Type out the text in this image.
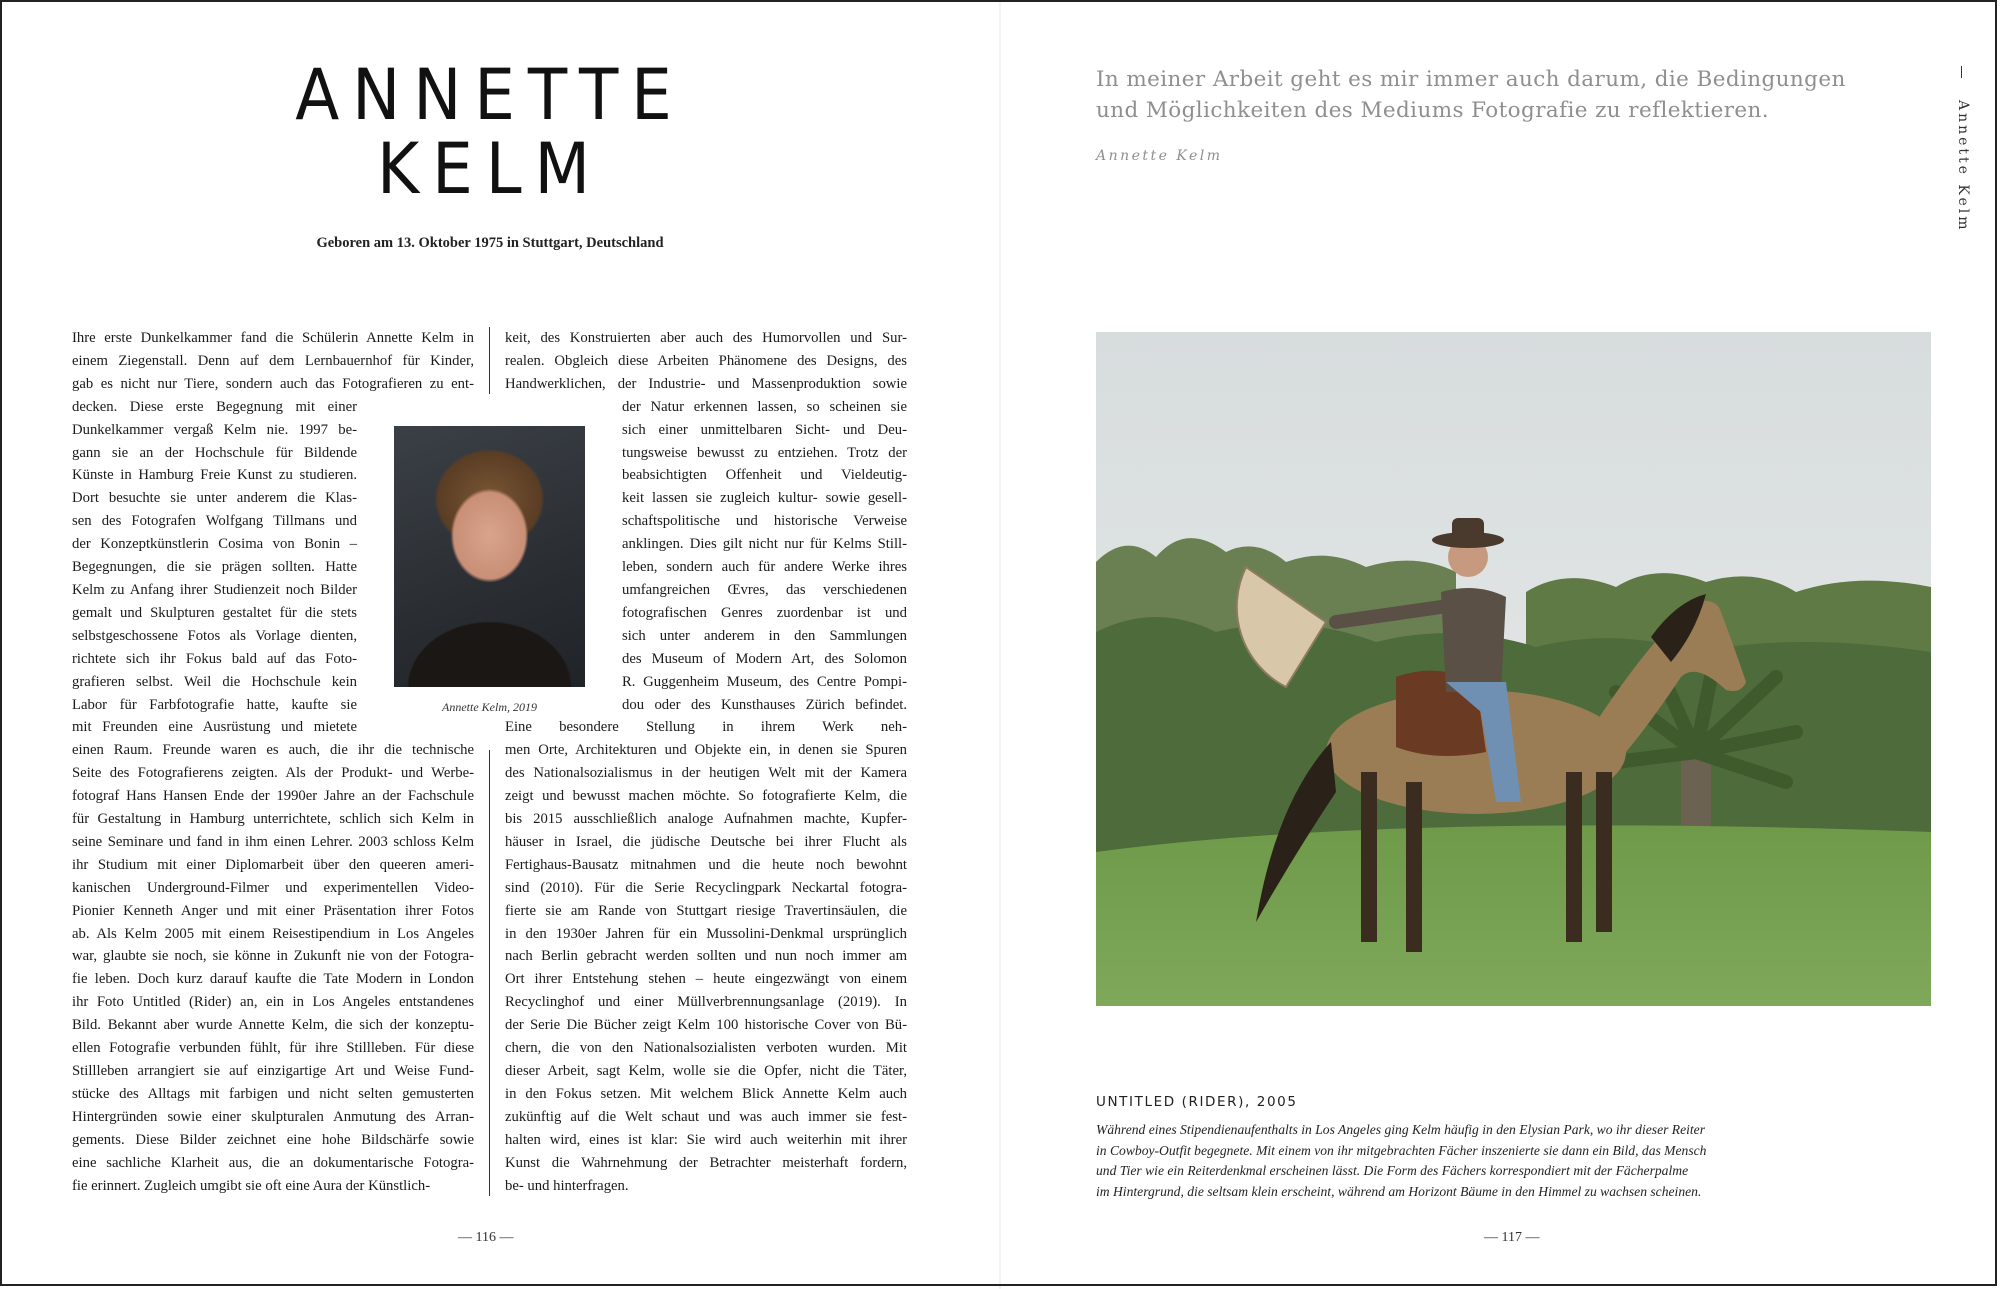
ANNETTE
KELM
Geboren am 13. Oktober 1975 in Stuttgart, Deutschland
Ihre erste Dunkelkammer fand die Schülerin Annette Kelm in
einem Ziegenstall. Denn auf dem Lernbauernhof für Kinder,
gab es nicht nur Tiere, sondern auch das Fotografieren zu ent-
decken. Diese erste Begegnung mit einer
Dunkelkammer vergaß Kelm nie. 1997 be-
gann sie an der Hochschule für Bildende
Künste in Hamburg Freie Kunst zu studieren.
Dort besuchte sie unter anderem die Klas-
sen des Fotografen Wolfgang Tillmans und
der Konzeptkünstlerin Cosima von Bonin –
Begegnungen, die sie prägen sollten. Hatte
Kelm zu Anfang ihrer Studienzeit noch Bilder
gemalt und Skulpturen gestaltet für die stets
selbstgeschossene Fotos als Vorlage dienten,
richtete sich ihr Fokus bald auf das Foto-
grafieren selbst. Weil die Hochschule kein
Labor für Farbfotografie hatte, kaufte sie
mit Freunden eine Ausrüstung und mietete
einen Raum. Freunde waren es auch, die ihr die technische
Seite des Fotografierens zeigten. Als der Produkt- und Werbe-
fotograf Hans Hansen Ende der 1990er Jahre an der Fachschule
für Gestaltung in Hamburg unterrichtete, schlich sich Kelm in
seine Seminare und fand in ihm einen Lehrer. 2003 schloss Kelm
ihr Studium mit einer Diplomarbeit über den queeren ameri-
kanischen Underground-Filmer und experimentellen Video-
Pionier Kenneth Anger und mit einer Präsentation ihrer Fotos
ab. Als Kelm 2005 mit einem Reisestipendium in Los Angeles
war, glaubte sie noch, sie könne in Zukunft nie von der Fotogra-
fie leben. Doch kurz darauf kaufte die Tate Modern in London
ihr Foto Untitled (Rider) an, ein in Los Angeles entstandenes
Bild. Bekannt aber wurde Annette Kelm, die sich der konzeptu-
ellen Fotografie verbunden fühlt, für ihre Stillleben. Für diese
Stillleben arrangiert sie auf einzigartige Art und Weise Fund-
stücke des Alltags mit farbigen und nicht selten gemusterten
Hintergründen sowie einer skulpturalen Anmutung des Arran-
gements. Diese Bilder zeichnet eine hohe Bildschärfe sowie
eine sachliche Klarheit aus, die an dokumentarische Fotogra-
fie erinnert. Zugleich umgibt sie oft eine Aura der Künstlich-
keit, des Konstruierten aber auch des Humorvollen und Sur-
realen. Obgleich diese Arbeiten Phänomene des Designs, des
Handwerklichen, der Industrie- und Massenproduktion sowie
der Natur erkennen lassen, so scheinen sie
sich einer unmittelbaren Sicht- und Deu-
tungsweise bewusst zu entziehen. Trotz der
beabsichtigten Offenheit und Vieldeutig-
keit lassen sie zugleich kultur- sowie gesell-
schaftspolitische und historische Verweise
anklingen. Dies gilt nicht nur für Kelms Still-
leben, sondern auch für andere Werke ihres
umfangreichen Œvres, das verschiedenen
fotografischen Genres zuordenbar ist und
sich unter anderem in den Sammlungen
des Museum of Modern Art, des Solomon
R. Guggenheim Museum, des Centre Pompi-
dou oder des Kunsthauses Zürich befindet.
Eine besondere Stellung in ihrem Werk neh-
men Orte, Architekturen und Objekte ein, in denen sie Spuren
des Nationalsozialismus in der heutigen Welt mit der Kamera
zeigt und bewusst machen möchte. So fotografierte Kelm, die
bis 2015 ausschließlich analoge Aufnahmen machte, Kupfer-
häuser in Israel, die jüdische Deutsche bei ihrer Flucht als
Fertighaus-Bausatz mitnahmen und die heute noch bewohnt
sind (2010). Für die Serie Recyclingpark Neckartal fotogra-
fierte sie am Rande von Stuttgart riesige Travertinsäulen, die
in den 1930er Jahren für ein Mussolini-Denkmal ursprünglich
nach Berlin gebracht werden sollten und nun noch immer am
Ort ihrer Entstehung stehen – heute eingezwängt von einem
Recyclinghof und einer Müllverbrennungsanlage (2019). In
der Serie Die Bücher zeigt Kelm 100 historische Cover von Bü-
chern, die von den Nationalsozialisten verboten wurden. Mit
dieser Arbeit, sagt Kelm, wolle sie die Opfer, nicht die Täter,
in den Fokus setzen. Mit welchem Blick Annette Kelm auch
zukünftig auf die Welt schaut und was auch immer sie fest-
halten wird, eines ist klar: Sie wird auch weiterhin mit ihrer
Kunst die Wahrnehmung der Betrachter meisterhaft fordern,
be- und hinterfragen.
Annette Kelm, 2019
— 116 —
In meiner Arbeit geht es mir immer auch darum, die Bedingungen
und Möglichkeiten des Mediums Fotografie zu reflektieren.
Annette Kelm	Annette Kelm
UNTITLED (RIDER), 2005
Während eines Stipendienaufenthalts in Los Angeles ging Kelm häufig in den Elysian Park, wo ihr dieser Reiter
in Cowboy-Outfit begegnete. Mit einem von ihr mitgebrachten Fächer inszenierte sie dann ein Bild, das Mensch
und Tier wie ein Reiterdenkmal erscheinen lässt. Die Form des Fächers korrespondiert mit der Fächerpalme
im Hintergrund, die seltsam klein erscheint, während am Horizont Bäume in den Himmel zu wachsen scheinen.
— 117 —
